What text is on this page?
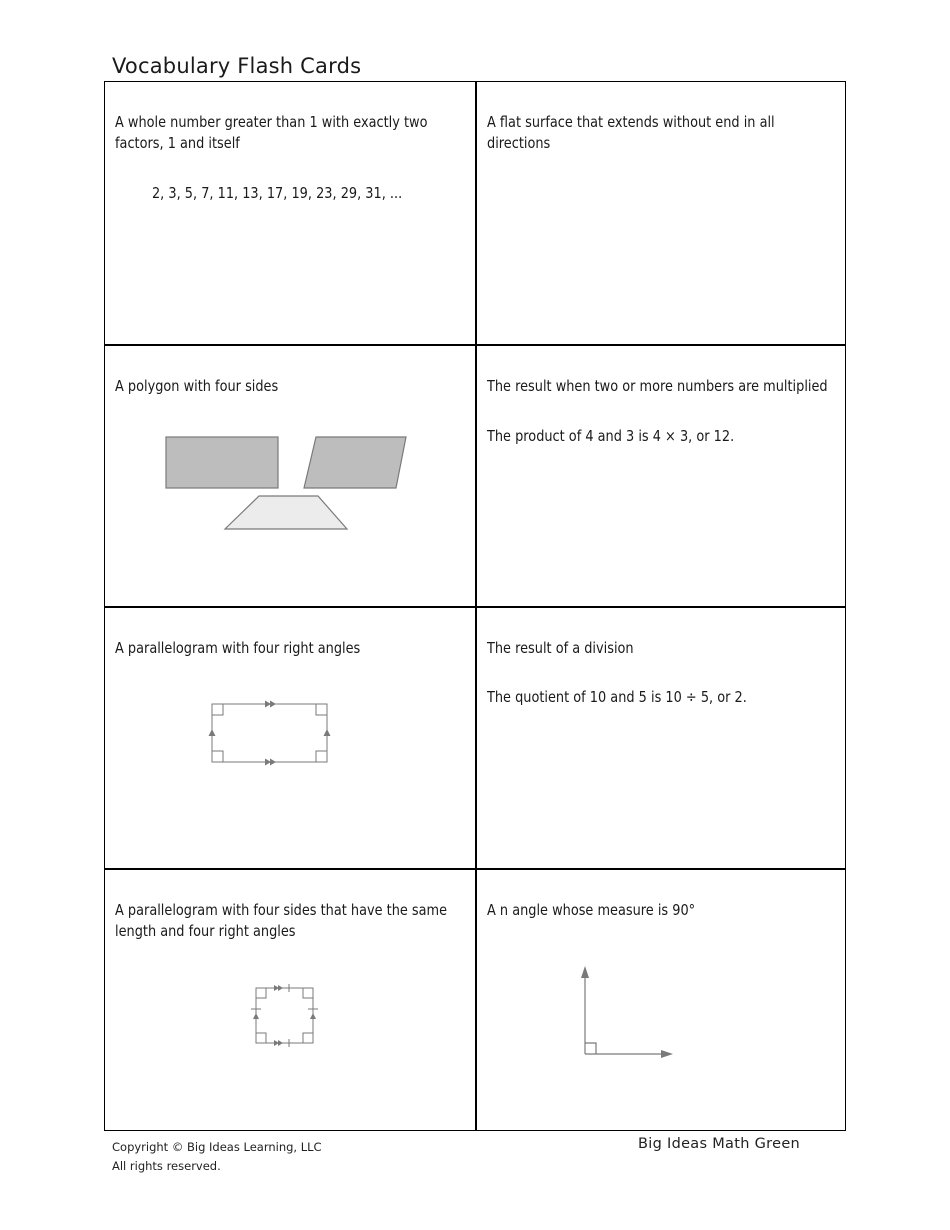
Vocabulary Flash Cards

A whole number greater than 1 with exactly two factors, 1 and itself

2, 3, 5, 7, 11, 13, 17, 19, 23, 29, 31, ...

A flat surface that extends without end in all directions

A polygon with four sides	The result when two or more numbers are multiplied

The product of 4 and 3 is 4 × 3, or 12.

A parallelogram with four right angles	The result of a division

The quotient of 10 and 5 is 10 ÷ 5, or 2.

A parallelogram with four sides that have the same length and four right angles

A n angle whose measure is 90°

Copyright © Big Ideas Learning, LLC
All rights reserved.
Big Ideas Math Green
